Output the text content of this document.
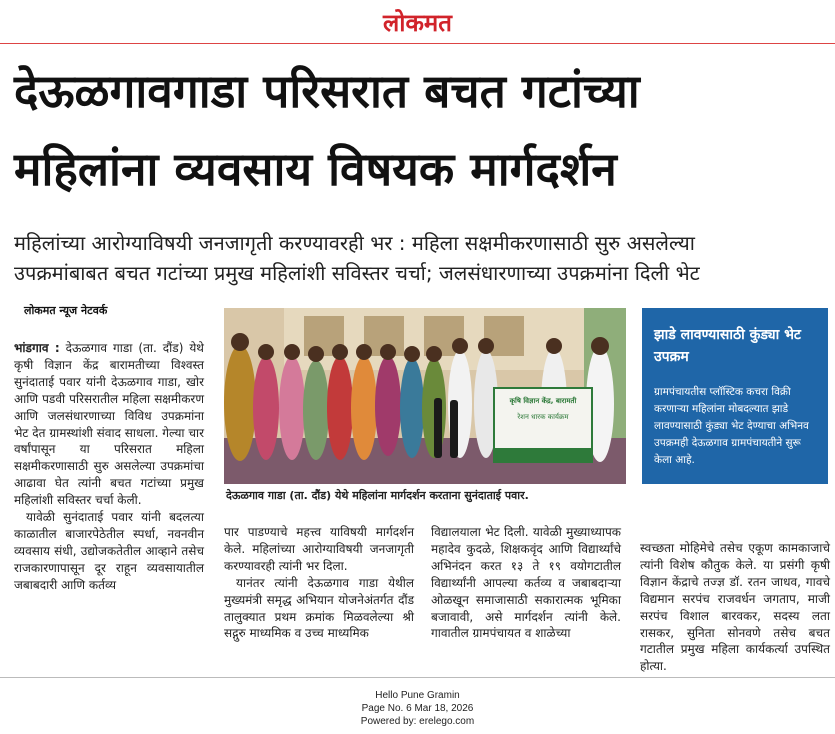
लोकमत
देऊळगावगाडा परिसरात बचत गटांच्या
महिलांना व्यवसाय विषयक मार्गदर्शन
महिलांच्या आरोग्याविषयी जनजागृती करण्यावरही भर : महिला सक्षमीकरणासाठी सुरु असलेल्या
उपक्रमांबाबत बचत गटांच्या प्रमुख महिलांशी सविस्तर चर्चा; जलसंधारणाच्या उपक्रमांना दिली भेट
लोकमत न्यूज नेटवर्क

भांडगाव : देऊळगाव गाडा (ता. दौंड) येथे कृषी विज्ञान केंद्र बारामतीच्या विश्वस्त सुनंदाताई पवार यांनी देऊळगाव गाडा, खोर आणि पडवी परिसरातील महिला सक्षमीकरण आणि जलसंधारणाच्या विविध उपक्रमांना भेट देत ग्रामस्थांशी संवाद साधला. गेल्या चार वर्षांपासून या परिसरात महिला सक्षमीकरणासाठी सुरु असलेल्या उपक्रमांचा आढावा घेत त्यांनी बचत गटांच्या प्रमुख महिलांशी सविस्तर चर्चा केली.

यावेळी सुनंदाताई पवार यांनी बदलत्या काळातील बाजारपेठेतील स्पर्धा, नवनवीन व्यवसाय संधी, उद्योजकतेतील आव्हाने तसेच राजकारणापासून दूर राहून व्यवसायातील जबाबदारी आणि कर्तव्य

कृषि विज्ञान केंद्र, बारामती
रेशन धारक कार्यक्रम
देऊळगाव गाडा (ता. दौंड) येथे महिलांना मार्गदर्शन करताना सुनंदाताई पवार.
झाडे लावण्यासाठी कुंड्या भेट उपक्रम
ग्रामपंचायतीस प्लॉस्टिक कचरा विक्री करणाऱ्या महिलांना मोबदल्यात झाडे लावण्यासाठी कुंड्या भेट देण्याचा अभिनव उपक्रमही देऊळगाव ग्रामपंचायतीने सुरू केला आहे.

पार पाडण्याचे महत्त्व याविषयी मार्गदर्शन केले. महिलांच्या आरोग्याविषयी जनजागृती करण्यावरही त्यांनी भर दिला.

यानंतर त्यांनी देऊळगाव गाडा येथील मुख्यमंत्री समृद्ध अभियान योजनेअंतर्गत दौंड तालुक्यात प्रथम क्रमांक मिळवलेल्या श्री सद्गुरु माध्यमिक व उच्च माध्यमिक

विद्यालयाला भेट दिली. यावेळी मुख्याध्यापक महादेव कुदळे, शिक्षकवृंद आणि विद्यार्थ्यांचे अभिनंदन करत १३ ते १९ वयोगटातील विद्यार्थ्यांनी आपल्या कर्तव्य व जबाबदाऱ्या ओळखून समाजासाठी सकारात्मक भूमिका बजावावी, असे मार्गदर्शन त्यांनी केले. गावातील ग्रामपंचायत व शाळेच्या

स्वच्छता मोहिमेचे तसेच एकूण कामकाजाचे त्यांनी विशेष कौतुक केले. या प्रसंगी कृषी विज्ञान केंद्राचे तज्ज्ञ डॉ. रतन जाधव, गावचे विद्यमान सरपंच राजवर्धन जगताप, माजी सरपंच विशाल बारवकर, सदस्य लता रासकर, सुनिता सोनवणे तसेच बचत गटातील प्रमुख महिला कार्यकर्त्या उपस्थित होत्या.

Hello Pune Gramin
Page No. 6 Mar 18, 2026
Powered by: erelego.com
